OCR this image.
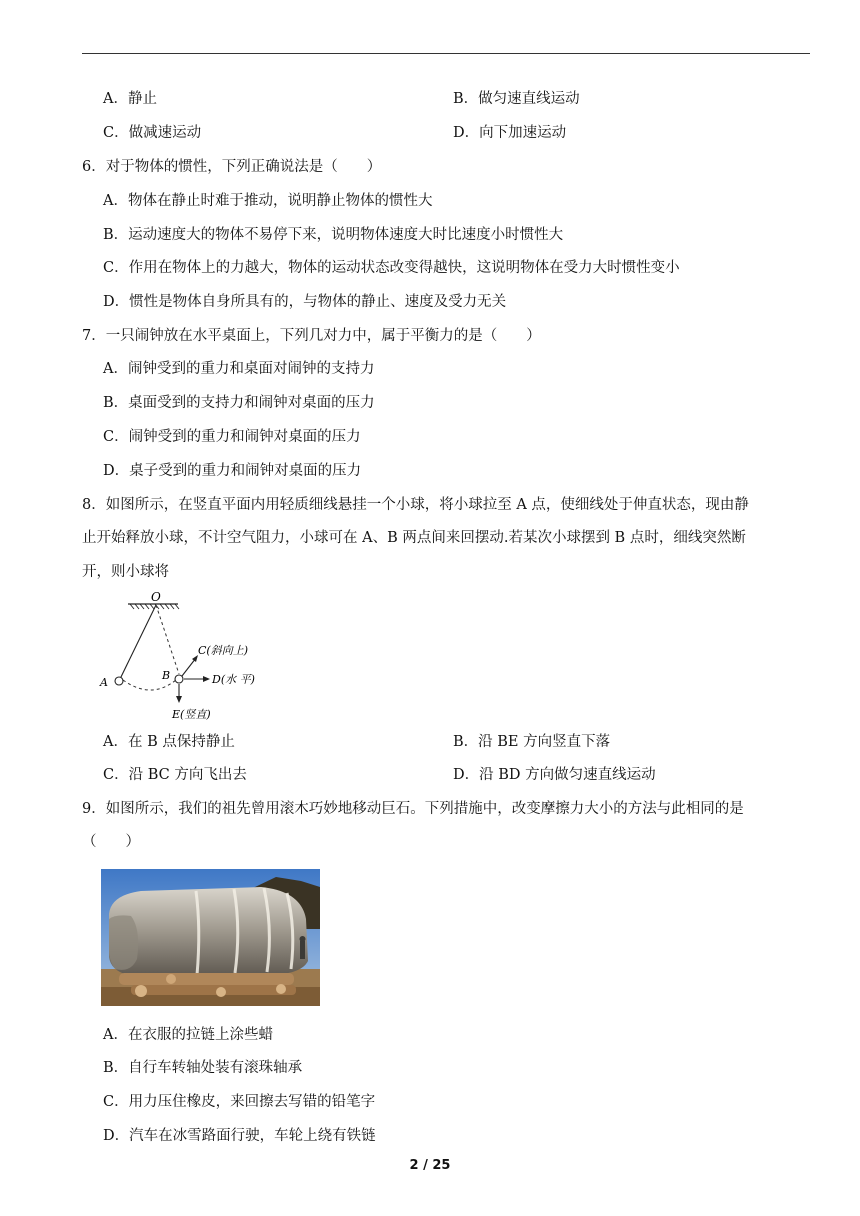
A．静止	B．做匀速直线运动
C．做减速运动	D．向下加速运动
6．对于物体的惯性，下列正确说法是（　　）
A．物体在静止时难于推动，说明静止物体的惯性大
B．运动速度大的物体不易停下来，说明物体速度大时比速度小时惯性大
C．作用在物体上的力越大，物体的运动状态改变得越快，这说明物体在受力大时惯性变小
D．惯性是物体自身所具有的，与物体的静止、速度及受力无关
7．一只闹钟放在水平桌面上，下列几对力中，属于平衡力的是（　　）
A．闹钟受到的重力和桌面对闹钟的支持力
B．桌面受到的支持力和闹钟对桌面的压力
C．闹钟受到的重力和闹钟对桌面的压力
D．桌子受到的重力和闹钟对桌面的压力
8．如图所示，在竖直平面内用轻质细线悬挂一个小球，将小球拉至 A 点，使细线处于伸直状态，现由静
止开始释放小球，不计空气阻力，小球可在 A、B 两点间来回摆动.若某次小球摆到 B 点时，细线突然断
开，则小球将
O
A
B
C(斜向上)
D(水 平)
E(竖直)
A．在 B 点保持静止	B．沿 BE 方向竖直下落
C．沿 BC 方向飞出去	D．沿 BD 方向做匀速直线运动
9．如图所示，我们的祖先曾用滚木巧妙地移动巨石。下列措施中，改变摩擦力大小的方法与此相同的是
（　　）
A．在衣服的拉链上涂些蜡
B．自行车转轴处装有滚珠轴承
C．用力压住橡皮，来回擦去写错的铅笔字
D．汽车在冰雪路面行驶，车轮上绕有铁链
2 / 25
